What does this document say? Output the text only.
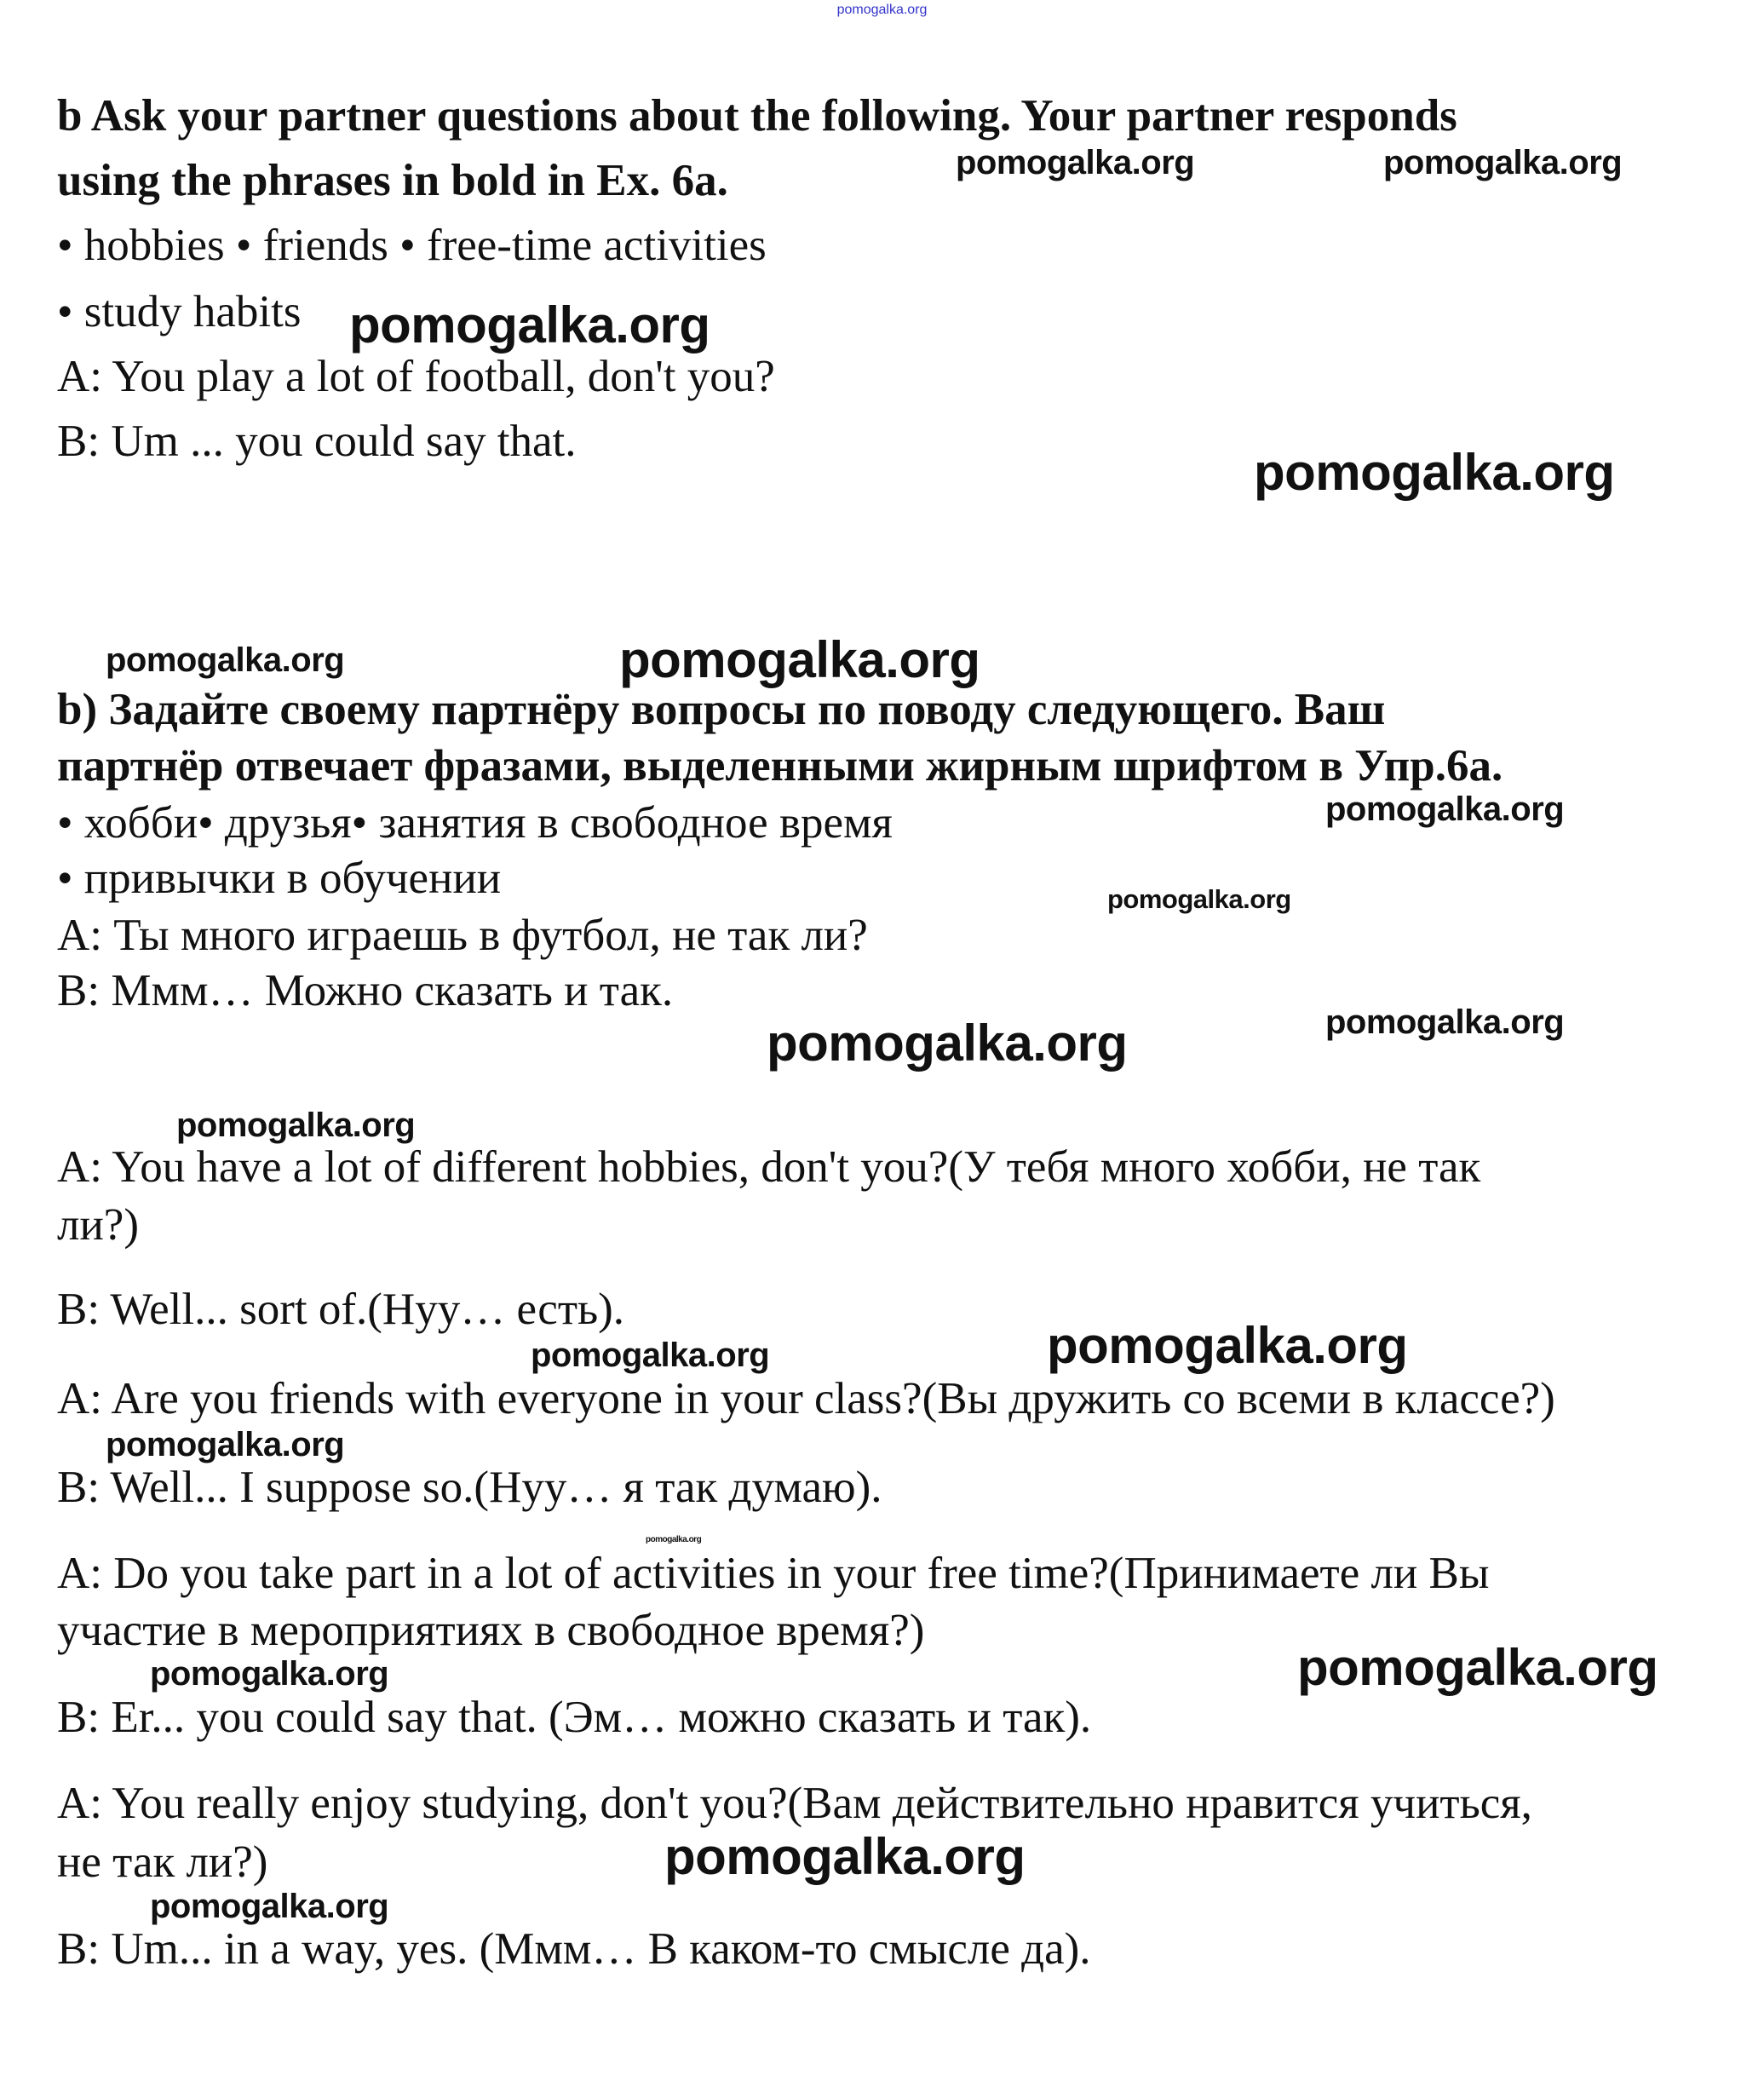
pomogalka.org
b Ask your partner questions about the following. Your partner responds
using the phrases in bold in Ex. 6a.
• hobbies • friends • free-time activities
• study habits
A: You play a lot of football, don't you?
B: Um ... you could say that.
b) Задайте своему партнёру вопросы по поводу следующего. Ваш
партнёр отвечает фразами, выделенными жирным шрифтом в Упр.6а.
• хобби• друзья• занятия в свободное время
• привычки в обучении
A: Ты много играешь в футбол, не так ли?
B: Ммм… Можно сказать и так.
A: You have a lot of different hobbies, don't you?(У тебя много хобби, не так
ли?)
B: Well... sort of.(Нуу… есть).
A: Are you friends with everyone in your class?(Вы дружить со всеми в классе?)
B: Well... I suppose so.(Нуу… я так думаю).
A: Do you take part in a lot of activities in your free time?(Принимаете ли Вы
участие в мероприятиях в свободное время?)
B: Er... you could say that. (Эм… можно сказать и так).
A: You really enjoy studying, don't you?(Вам действительно нравится учиться,
не так ли?)
B: Um... in a way, yes. (Ммм… В каком-то смысле да).
pomogalka.org	pomogalka.org
pomogalka.org
pomogalka.org
pomogalka.org	pomogalka.org
pomogalka.org
pomogalka.org
pomogalka.org	pomogalka.org
pomogalka.org
pomogalka.org	pomogalka.org
pomogalka.org
pomogalka.org
pomogalka.org	pomogalka.org
pomogalka.org
pomogalka.org
